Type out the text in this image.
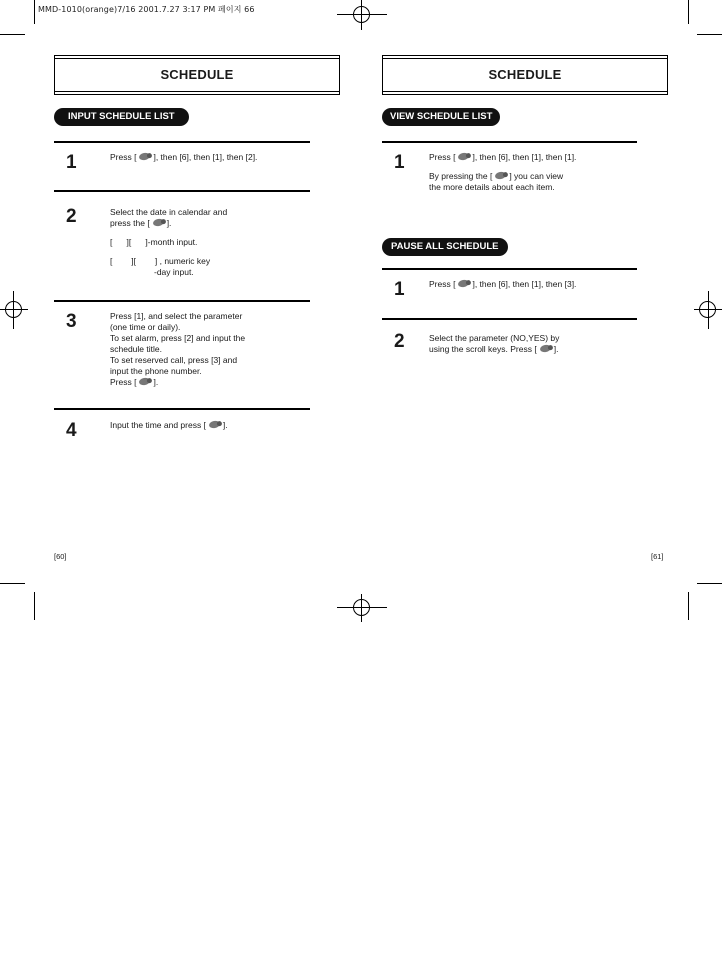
MMD-1010(orange)7/16 2001.7.27 3:17 PM 페이지 66
SCHEDULE
INPUT SCHEDULE LIST
1	Press [ ], then [6], then [1], then [2].
2	Select the date in calendar and
press the [ ].
[      ][      ]-month input.
[        ][        ] , numeric key
-day input.
3	Press [1], and select the parameter
(one time or daily).
To set alarm, press [2] and input the
schedule title.
To set reserved call, press [3] and
input the phone number.
Press [ ].
4	Input the time and press [ ].
[60]
SCHEDULE
VIEW SCHEDULE LIST
1	Press [ ], then [6], then [1], then [1].
By pressing the [ ] you can view
the more details about each item.
PAUSE ALL SCHEDULE
1	Press [ ], then [6], then [1], then [3].
2	Select the parameter (NO,YES) by
using the scroll keys. Press [ ].
[61]
